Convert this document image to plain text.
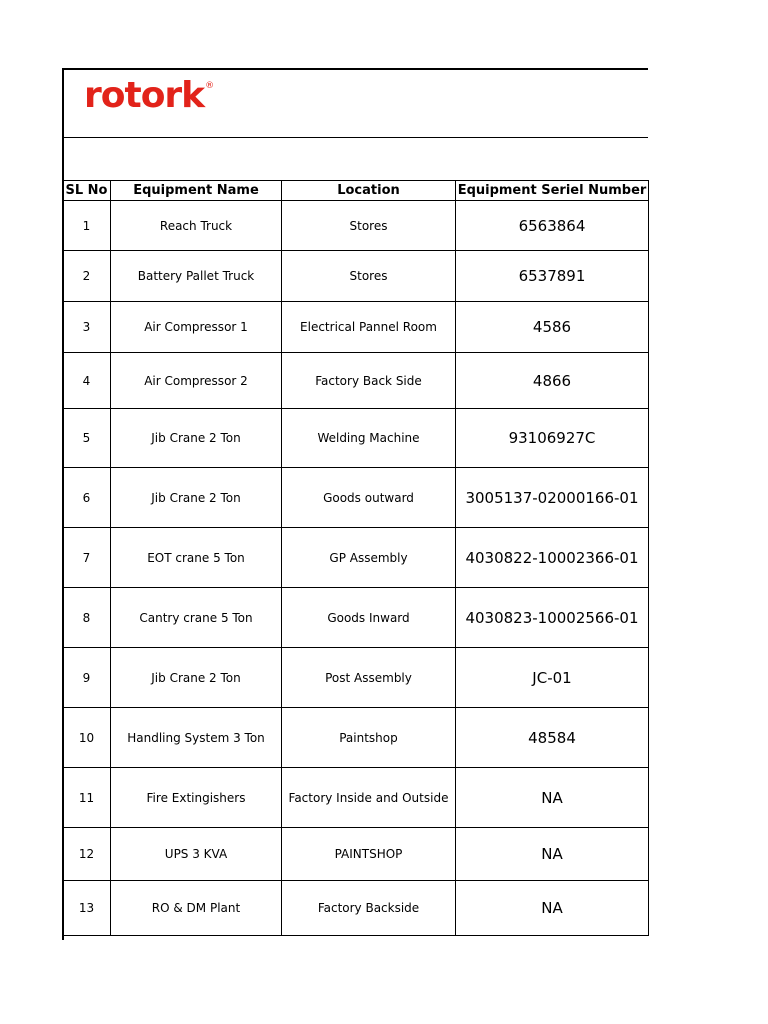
rotork®
SL No	Equipment Name	Location	Equipment Seriel Number
1	Reach Truck	Stores	6563864
2	Battery Pallet Truck	Stores	6537891
3	Air Compressor 1	Electrical Pannel Room	4586
4	Air Compressor 2	Factory Back Side	4866
5	Jib Crane 2 Ton	Welding Machine	93106927C
6	Jib Crane 2 Ton	Goods outward	3005137-02000166-01
7	EOT crane 5 Ton	GP Assembly	4030822-10002366-01
8	Cantry crane 5 Ton	Goods Inward	4030823-10002566-01
9	Jib Crane 2 Ton	Post Assembly	JC-01
10	Handling System 3 Ton	Paintshop	48584
11	Fire Extingishers	Factory Inside and Outside	NA
12	UPS 3 KVA	PAINTSHOP	NA
13	RO & DM Plant	Factory Backside	NA
